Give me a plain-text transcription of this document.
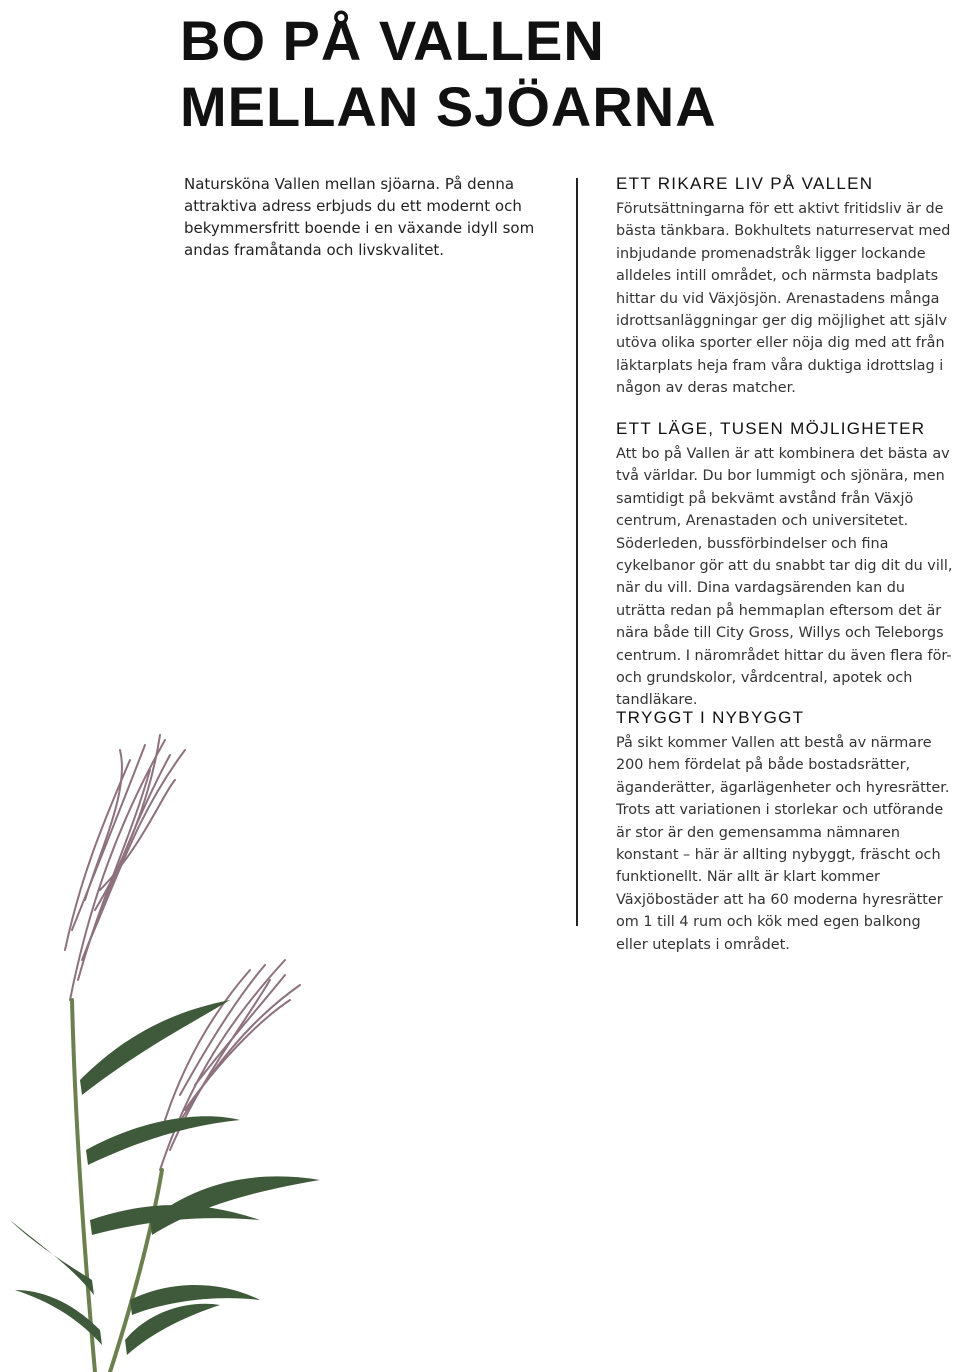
BO PÅ VALLEN
MELLAN SJÖARNA

Natursköna Vallen mellan sjöarna. På denna attraktiva adress erbjuds du ett modernt och bekymmersfritt boende i en växande idyll som andas framåtanda och livskvalitet.

ETT RIKARE LIV PÅ VALLEN

Förutsättningarna för ett aktivt fritidsliv är de bästa tänkbara. Bokhultets naturreservat med inbjudande promenadstråk ligger lockande alldeles intill området, och närmsta badplats hittar du vid Växjösjön. Arenastadens många idrottsanläggningar ger dig möjlighet att själv utöva olika sporter eller nöja dig med att från läktarplats heja fram våra duktiga idrottslag i någon av deras matcher.

ETT LÄGE, TUSEN MÖJLIGHETER

Att bo på Vallen är att kombinera det bästa av två världar. Du bor lummigt och sjönära, men samtidigt på bekvämt avstånd från Växjö centrum, Arenastaden och universitetet. Söderleden, bussförbindelser och fina cykelbanor gör att du snabbt tar dig dit du vill, när du vill. Dina vardagsärenden kan du uträtta redan på hemmaplan eftersom det är nära både till City Gross, Willys och Teleborgs centrum. I närområdet hittar du även flera för- och grundskolor, vårdcentral, apotek och tandläkare.

TRYGGT I NYBYGGT

På sikt kommer Vallen att bestå av närmare 200 hem fördelat på både bostadsrätter, äganderätter, ägarlägenheter och hyresrätter. Trots att variationen i storlekar och utförande är stor är den gemensamma nämnaren konstant – här är allting nybyggt, fräscht och funktionellt. När allt är klart kommer Växjöbostäder att ha 60 moderna hyresrätter om 1 till 4 rum och kök med egen balkong eller uteplats i området.
